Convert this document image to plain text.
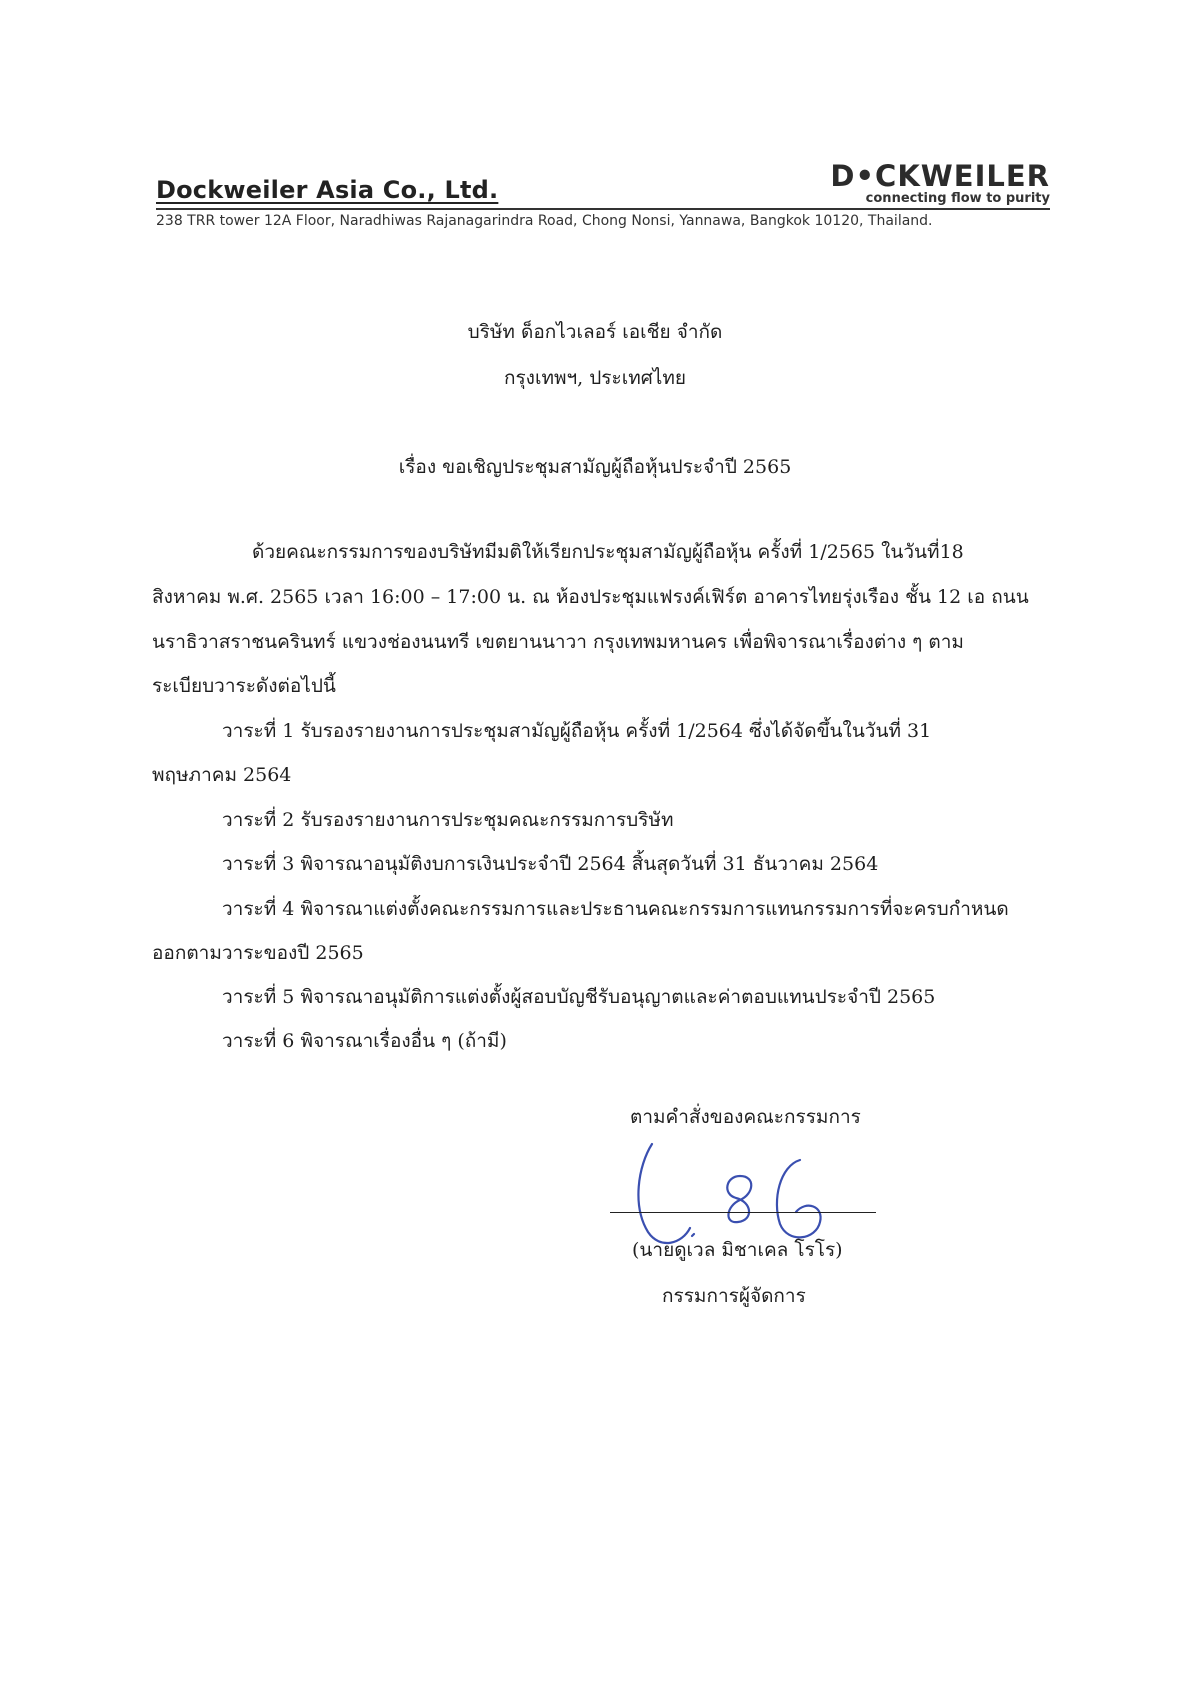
Dockweiler Asia Co., Ltd.	D•CKWEILER
connecting flow to purity
238 TRR tower 12A Floor, Naradhiwas Rajanagarindra Road, Chong Nonsi, Yannawa, Bangkok 10120, Thailand.
บริษัท ด็อกไวเลอร์ เอเชีย จำกัด
กรุงเทพฯ, ประเทศไทย
เรื่อง ขอเชิญประชุมสามัญผู้ถือหุ้นประจำปี 2565
ด้วยคณะกรรมการของบริษัทมีมติให้เรียกประชุมสามัญผู้ถือหุ้น ครั้งที่ 1/2565 ในวันที่18
สิงหาคม พ.ศ. 2565 เวลา 16:00 – 17:00 น. ณ ห้องประชุมแฟรงค์เฟิร์ต อาคารไทยรุ่งเรือง ชั้น 12 เอ ถนน
นราธิวาสราชนครินทร์ แขวงช่องนนทรี เขตยานนาวา กรุงเทพมหานคร เพื่อพิจารณาเรื่องต่าง ๆ ตาม
ระเบียบวาระดังต่อไปนี้
วาระที่ 1 รับรองรายงานการประชุมสามัญผู้ถือหุ้น ครั้งที่ 1/2564 ซึ่งได้จัดขึ้นในวันที่ 31
พฤษภาคม 2564
วาระที่ 2 รับรองรายงานการประชุมคณะกรรมการบริษัท
วาระที่ 3 พิจารณาอนุมัติงบการเงินประจำปี 2564 สิ้นสุดวันที่ 31 ธันวาคม 2564
วาระที่ 4 พิจารณาแต่งตั้งคณะกรรมการและประธานคณะกรรมการแทนกรรมการที่จะครบกำหนด
ออกตามวาระของปี 2565
วาระที่ 5 พิจารณาอนุมัติการแต่งตั้งผู้สอบบัญชีรับอนุญาตและค่าตอบแทนประจำปี 2565
วาระที่ 6 พิจารณาเรื่องอื่น ๆ (ถ้ามี)
ตามคำสั่งของคณะกรรมการ
(นายดูเวล มิชาเคล โรโร)
กรรมการผู้จัดการ
